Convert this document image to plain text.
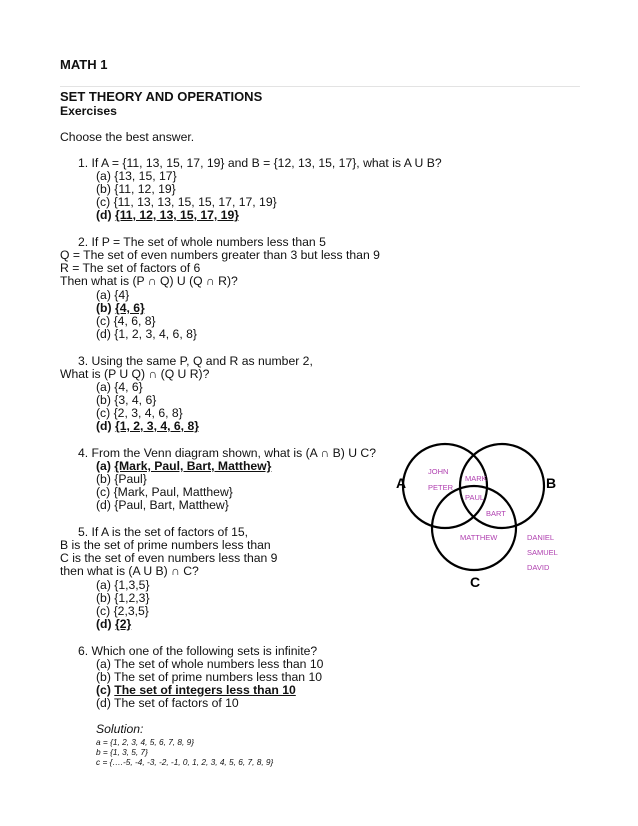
MATH 1
SET THEORY AND OPERATIONS
Exercises
Choose the best answer.
1. If A = {11, 13, 15, 17, 19} and B = {12, 13, 15, 17}, what is A U B?
(a) {13, 15, 17}
(b) {11, 12, 19}
(c) {11, 13, 13, 15, 15, 17, 17, 19}
(d) {11, 12, 13, 15, 17, 19}
2. If P = The set of whole numbers less than 5
Q = The set of even numbers greater than 3 but less than 9
R = The set of factors of 6
Then what is (P ∩ Q) U (Q ∩ R)?
(a) {4}
(b) {4, 6}
(c) {4, 6, 8}
(d) {1, 2, 3, 4, 6, 8}
3. Using the same P, Q and R as number 2,
What is (P U Q) ∩ (Q U R)?
(a) {4, 6}
(b) {3, 4, 6}
(c) {2, 3, 4, 6, 8}
(d) {1, 2, 3, 4, 6, 8}
4. From the Venn diagram shown, what is (A ∩ B) U C?
(a) {Mark, Paul, Bart, Matthew}
(b) {Paul}
(c) {Mark, Paul, Matthew}
(d) {Paul, Bart, Matthew}
5. If A is the set of factors of 15,
B is the set of prime numbers less than
C is the set of even numbers less than 9
then what is (A U B) ∩ C?
(a) {1,3,5}
(b) {1,2,3}
(c) {2,3,5}
(d) {2}
6. Which one of the following sets is infinite?
(a) The set of whole numbers less than 10
(b) The set of prime numbers less than 10
(c) The set of integers less than 10
(d) The set of factors of 10
Solution:
a = {1, 2, 3, 4, 5, 6, 7, 8, 9}
b = {1, 3, 5, 7}
c = {….-5, -4, -3, -2, -1, 0, 1, 2, 3, 4, 5, 6, 7, 8, 9}
A	B
C
JOHN
PETER
MARK
PAUL
BART
MATTHEW	DANIEL
SAMUEL
DAVID
